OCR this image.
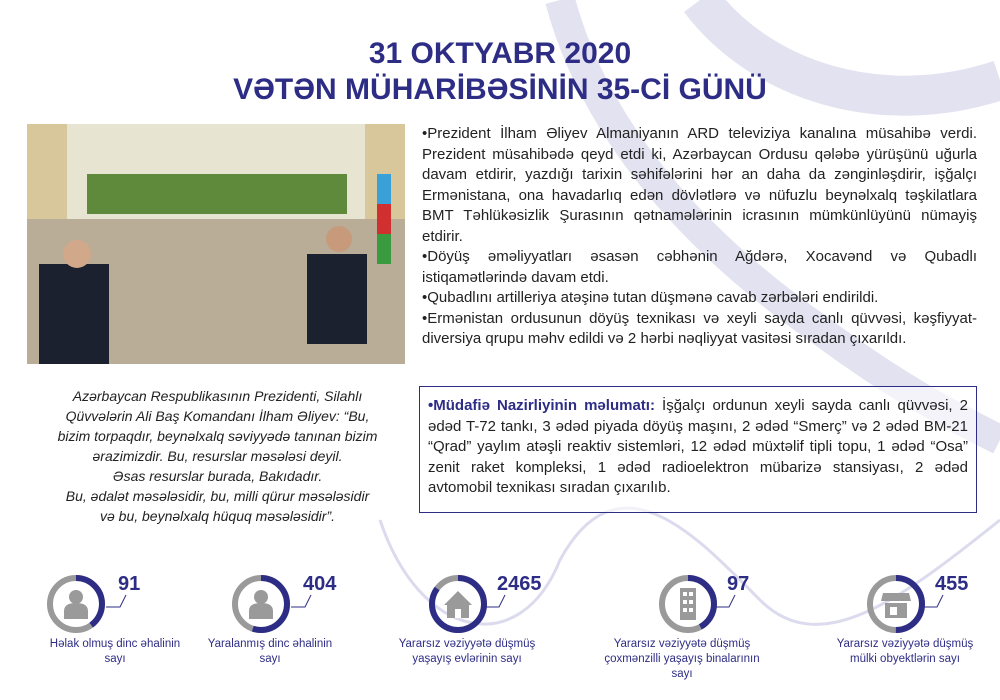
31 OKTYABR 2020
VƏTƏN MÜHARİBƏSİNİN 35-Cİ GÜNÜ
Azərbaycan Respublikasının Prezidenti, Silahlı
Qüvvələrin Ali Baş Komandanı İlham Əliyev: “Bu,
bizim torpaqdır, beynəlxalq səviyyədə tanınan bizim
ərazimizdir. Bu, resurslar məsələsi deyil.
Əsas resurslar burada, Bakıdadır.
Bu, ədalət məsələsidir, bu, milli qürur məsələsidir
və bu, beynəlxalq hüquq məsələsidir”.

•Prezident İlham Əliyev Almaniyanın ARD televiziya kanalına müsahibə verdi. Prezident müsahibədə qeyd etdi ki, Azərbaycan Ordusu qələbə yürüşünü uğurla davam etdirir, yazdığı tarixin səhifələrini hər an daha da zənginləşdirir, işğalçı Ermənistana, ona havadarlıq edən dövlətlərə və nüfuzlu beynəlxalq təşkilatlara BMT Təhlükəsizlik Şurasının qətnamələrinin icrasının mümkünlüyünü nümayiş etdirir.

•Döyüş əməliyyatları əsasən cəbhənin Ağdərə, Xocavənd və Qubadlı istiqamətlərində davam etdi.

•Qubadlını artilleriya atəşinə tutan düşmənə cavab zərbələri endirildi.

•Ermənistan ordusunun döyüş texnikası və xeyli sayda canlı qüvvəsi, kəşfiyyat-diversiya qrupu məhv edildi və 2 hərbi nəqliyyat vasitəsi sıradan çıxarıldı.

•Müdafiə Nazirliyinin məlumatı: İşğalçı ordunun xeyli sayda canlı qüvvəsi, 2 ədəd T-72 tankı, 3 ədəd piyada döyüş maşını, 2 ədəd “Smerç” və 2 ədəd BM-21 “Qrad” yaylım atəşli reaktiv sistemləri, 12 ədəd müxtəlif tipli topu, 1 ədəd “Osa” zenit raket kompleksi, 1 ədəd radioelektron mübarizə stansiyası, 2 ədəd avtomobil texnikası sıradan çıxarılıb.
91
Həlak olmuş dinc əhalinin sayı
404
Yaralanmış dinc əhalinin sayı
2465
Yararsız vəziyyətə düşmüş yaşayış evlərinin sayı
97
Yararsız vəziyyətə düşmüş çoxmənzilli yaşayış binalarının sayı
455
Yararsız vəziyyətə düşmüş mülki obyektlərin sayı
